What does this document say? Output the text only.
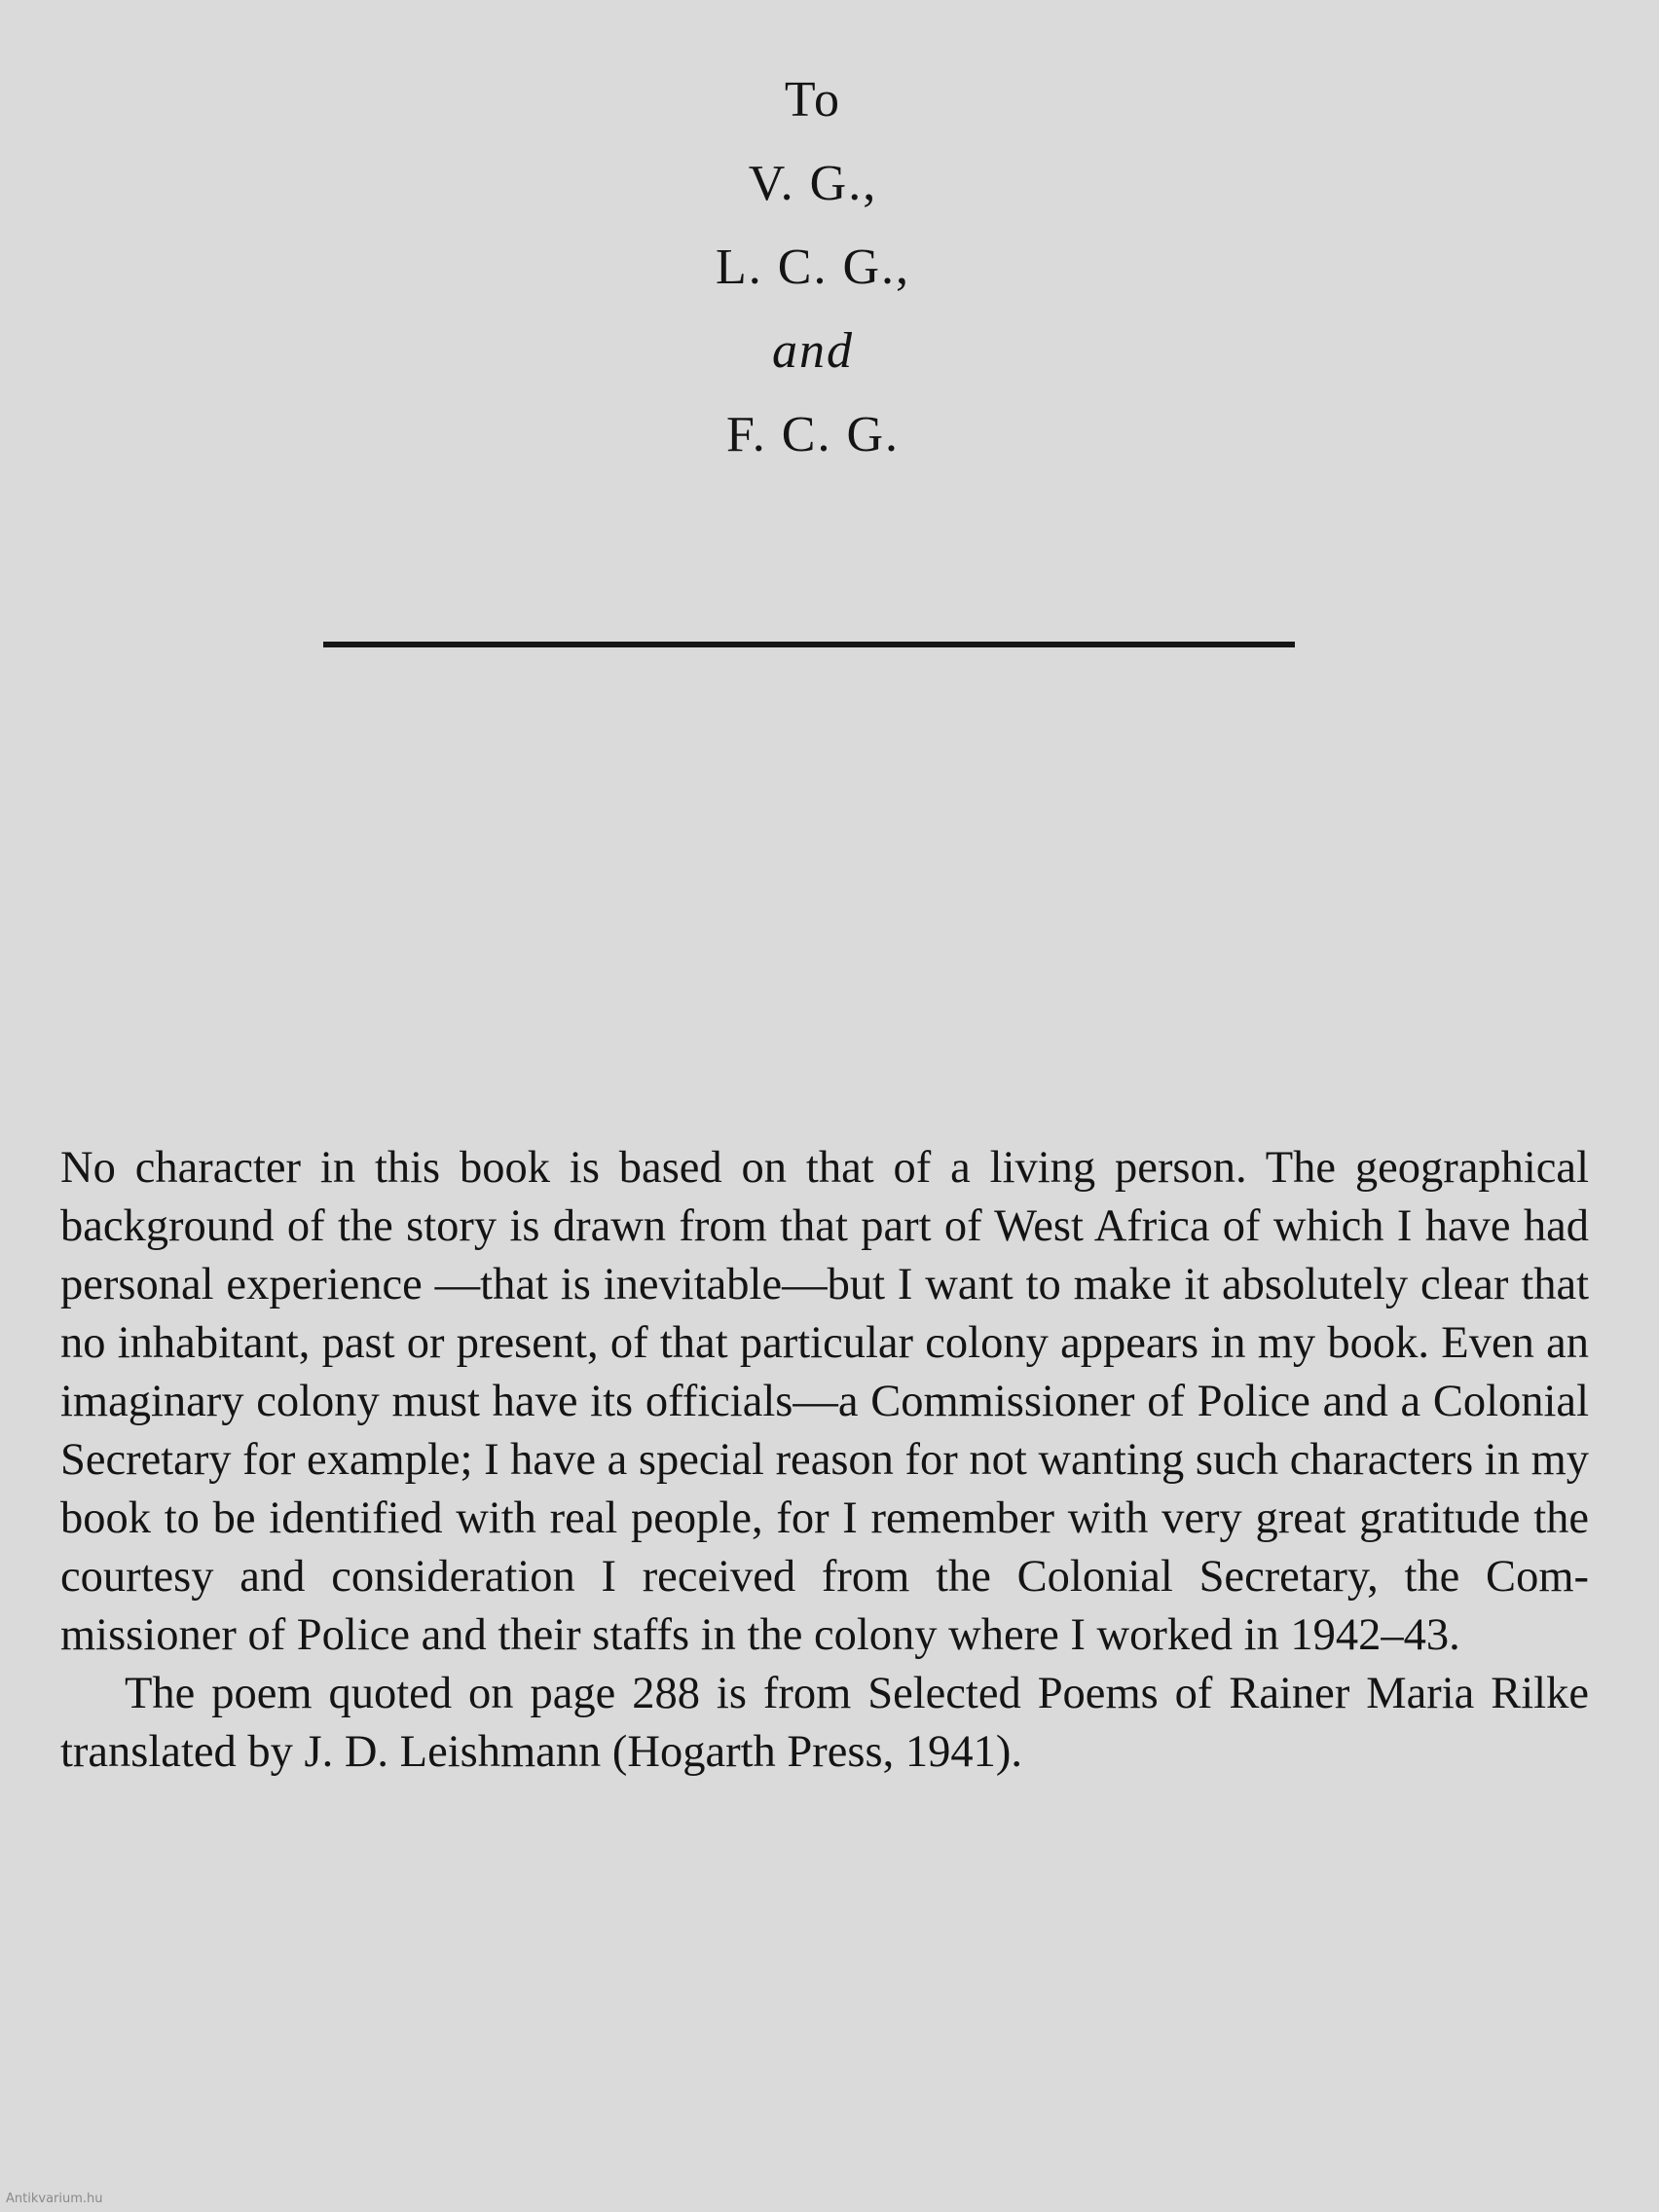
To
V. G.,
L. C. G.,
and
F. C. G.

No character in this book is based on that of a living person. The geographical background of the story is drawn from that part of West Africa of which I have had personal experience —that is inevitable—but I want to make it absolutely clear that no inhabitant, past or present, of that particular colony appears in my book. Even an imaginary colony must have its officials—a Commissioner of Police and a Colonial Secretary for example; I have a special reason for not wanting such characters in my book to be identified with real people, for I remember with very great gratitude the courtesy and consideration I received from the Colonial Secretary, the Commissioner of Police and their staffs in the colony where I worked in 1942–43.

The poem quoted on page 288 is from Selected Poems of Rainer Maria Rilke translated by J. D. Leishmann (Hogarth Press, 1941).

Antikvarium.hu
